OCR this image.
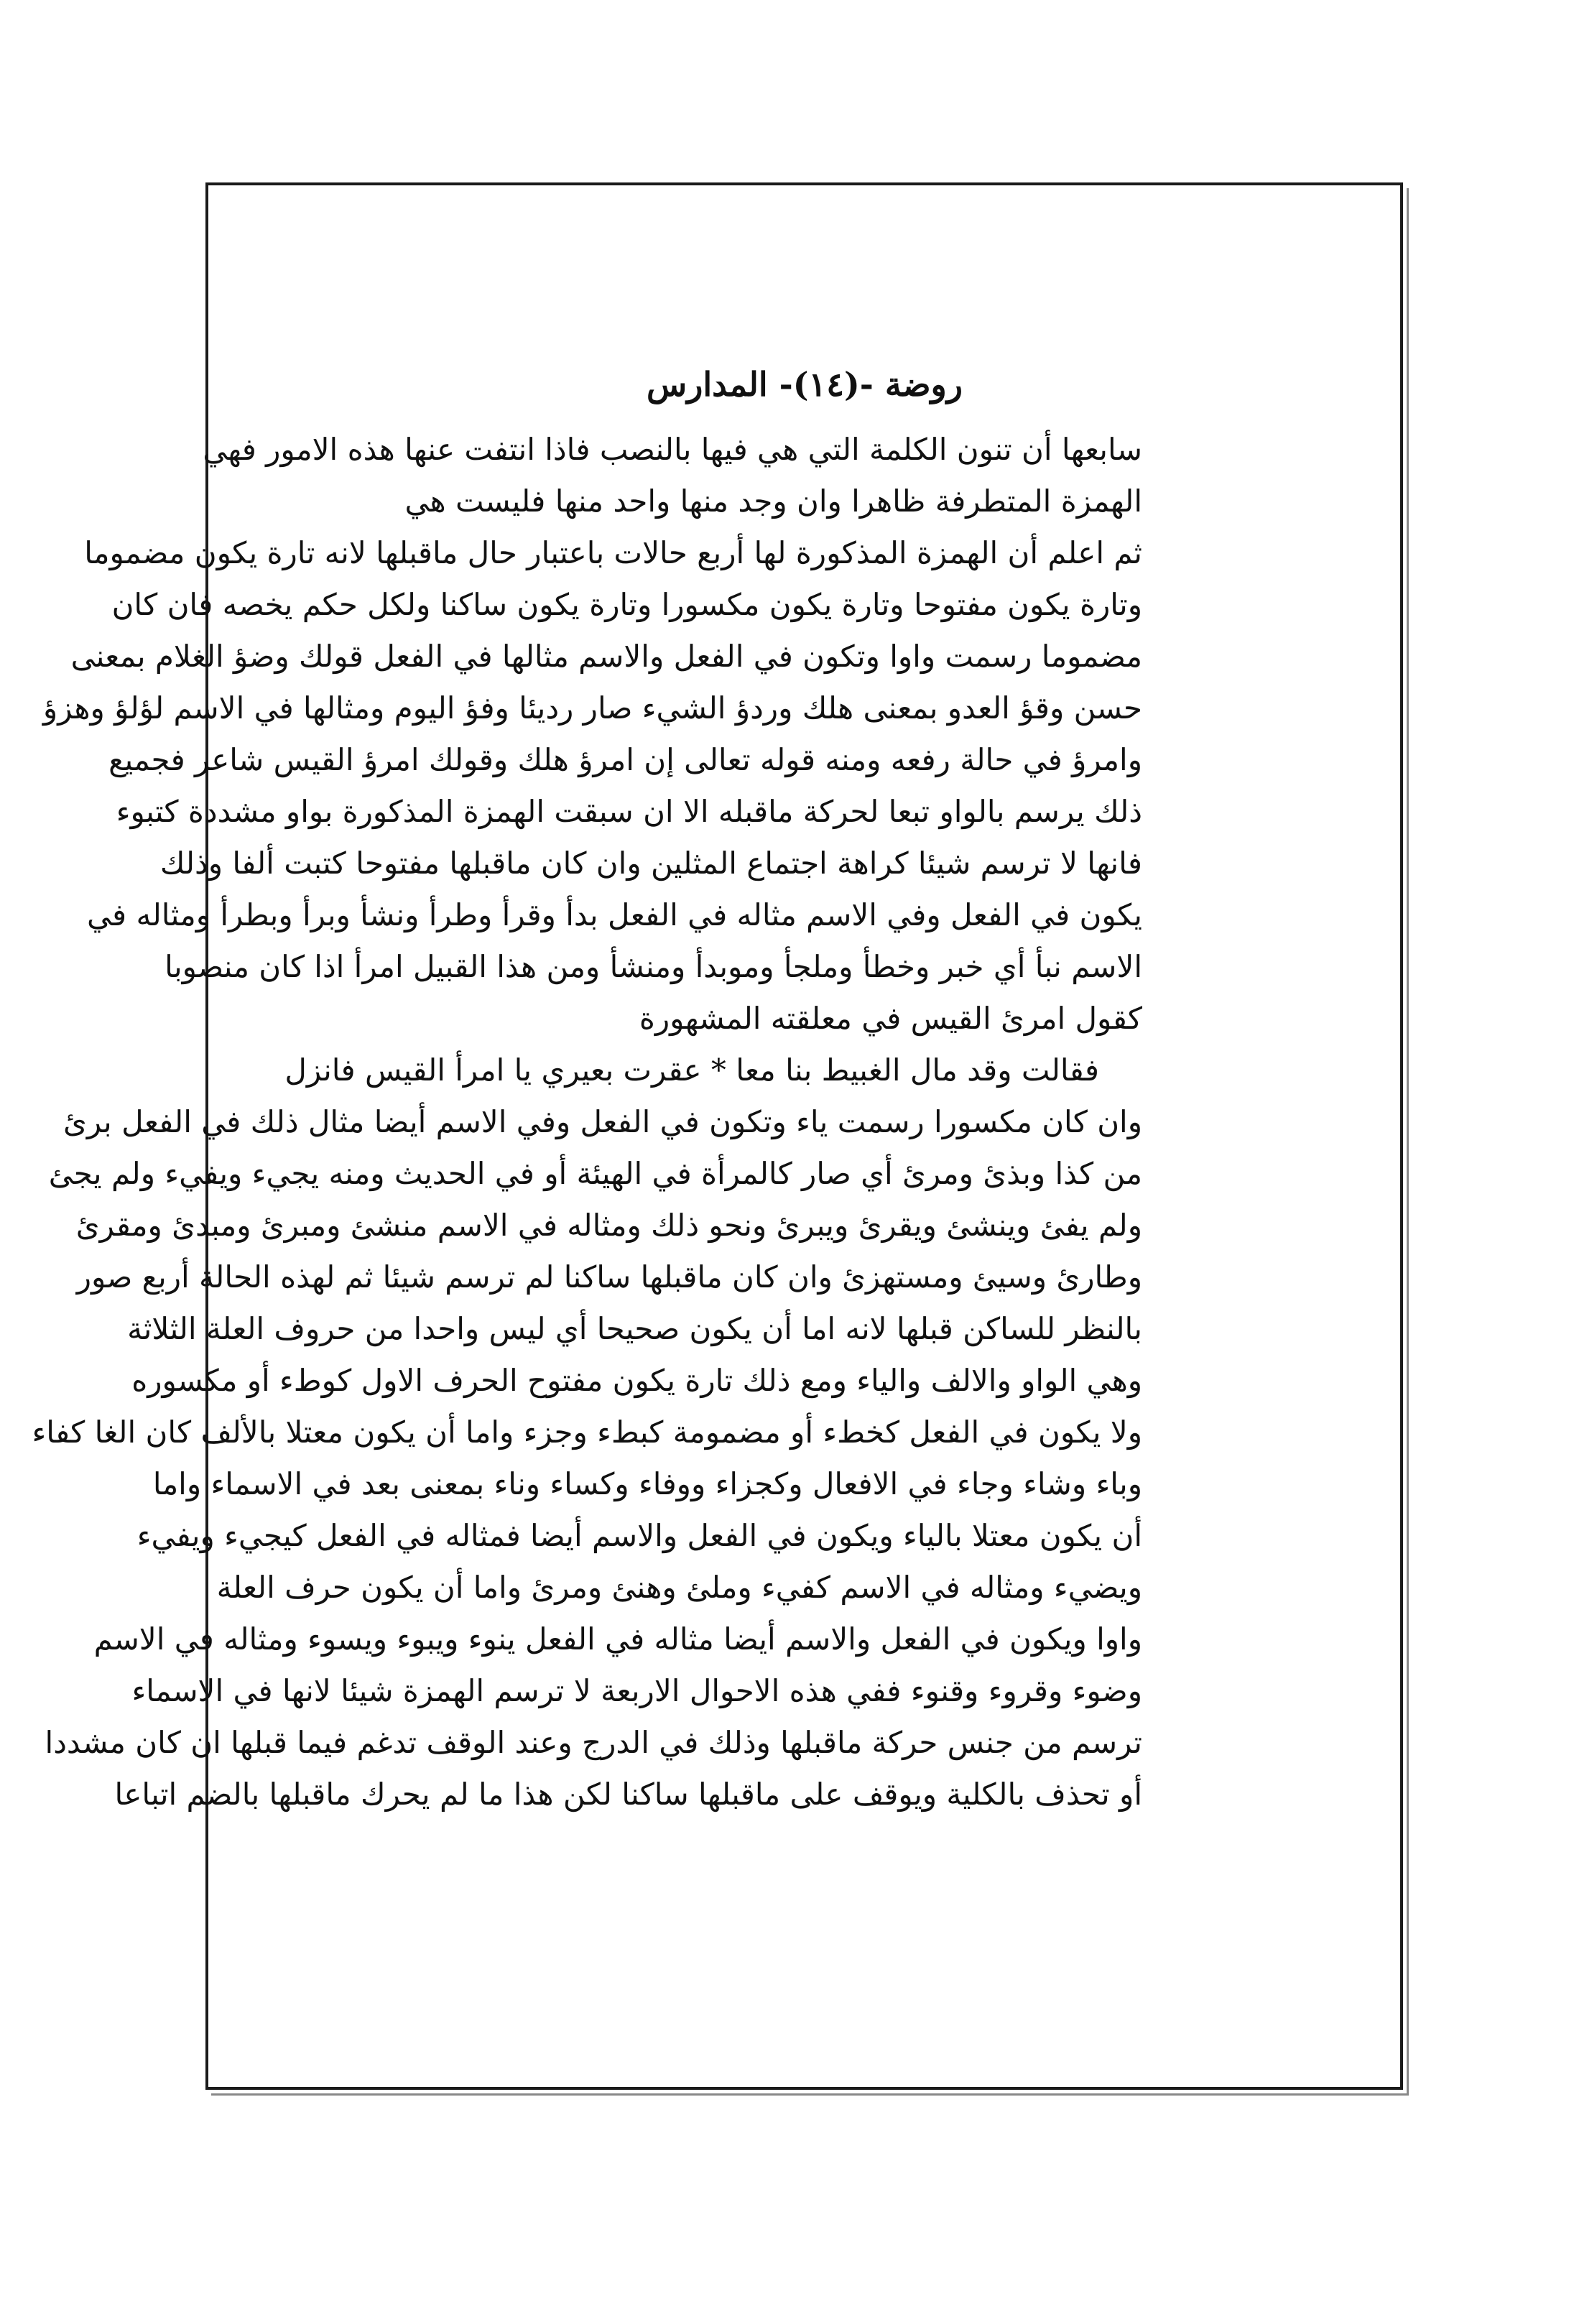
روضة -(١٤)- المدارس
سابعها أن تنون الكلمة التي هي فيها بالنصب فاذا انتفت عنها هذه الامور فهي
الهمزة المتطرفة ظاهرا وان وجد منها واحد منها فليست هي
ثم اعلم أن الهمزة المذكورة لها أربع حالات باعتبار حال ماقبلها لانه تارة يكون مضموما
وتارة يكون مفتوحا وتارة يكون مكسورا وتارة يكون ساكنا ولكل حكم يخصه فان كان
مضموما رسمت واوا وتكون في الفعل والاسم مثالها في الفعل قولك وضؤ الغلام بمعنى
حسن وقؤ العدو بمعنى هلك وردؤ الشيء صار رديئا وفؤ اليوم ومثالها في الاسم لؤلؤ وهزؤ
وامرؤ في حالة رفعه ومنه قوله تعالى إن امرؤ هلك وقولك امرؤ القيس شاعر فجميع
ذلك يرسم بالواو تبعا لحركة ماقبله الا ان سبقت الهمزة المذكورة بواو مشددة كتبوء
فانها لا ترسم شيئا كراهة اجتماع المثلين وان كان ماقبلها مفتوحا كتبت ألفا وذلك
يكون في الفعل وفي الاسم مثاله في الفعل بدأ وقرأ وطرأ ونشأ وبرأ وبطرأ ومثاله في
الاسم نبأ أي خبر وخطأ وملجأ وموبدأ ومنشأ ومن هذا القبيل امرأ اذا كان منصوبا
كقول امرئ القيس في معلقته المشهورة
فقالت وقد مال الغبيط بنا معا * عقرت بعيري يا امرأ القيس فانزل
وان كان مكسورا رسمت ياء وتكون في الفعل وفي الاسم أيضا مثال ذلك في الفعل برئ
من كذا وبذئ ومرئ أي صار كالمرأة في الهيئة أو في الحديث ومنه يجيء ويفيء ولم يجئ
ولم يفئ وينشئ ويقرئ ويبرئ ونحو ذلك ومثاله في الاسم منشئ ومبرئ ومبدئ ومقرئ
وطارئ وسيئ ومستهزئ وان كان ماقبلها ساكنا لم ترسم شيئا ثم لهذه الحالة أربع صور
بالنظر للساكن قبلها لانه اما أن يكون صحيحا أي ليس واحدا من حروف العلة الثلاثة
وهي الواو والالف والياء ومع ذلك تارة يكون مفتوح الحرف الاول كوطء أو مكسوره
ولا يكون في الفعل كخطء أو مضمومة كبطء وجزء واما أن يكون معتلا بالألف كان الغا كفاء
وباء وشاء وجاء في الافعال وكجزاء ووفاء وكساء وناء بمعنى بعد في الاسماء واما
أن يكون معتلا بالياء ويكون في الفعل والاسم أيضا فمثاله في الفعل كيجيء ويفيء
ويضيء ومثاله في الاسم كفيء وملئ وهنئ ومرئ واما أن يكون حرف العلة
واوا ويكون في الفعل والاسم أيضا مثاله في الفعل ينوء ويبوء ويسوء ومثاله في الاسم
وضوء وقروء وقنوء ففي هذه الاحوال الاربعة لا ترسم الهمزة شيئا لانها في الاسماء
ترسم من جنس حركة ماقبلها وذلك في الدرج وعند الوقف تدغم فيما قبلها ان كان مشددا
أو تحذف بالكلية ويوقف على ماقبلها ساكنا لكن هذا ما لم يحرك ماقبلها بالضم اتباعا
